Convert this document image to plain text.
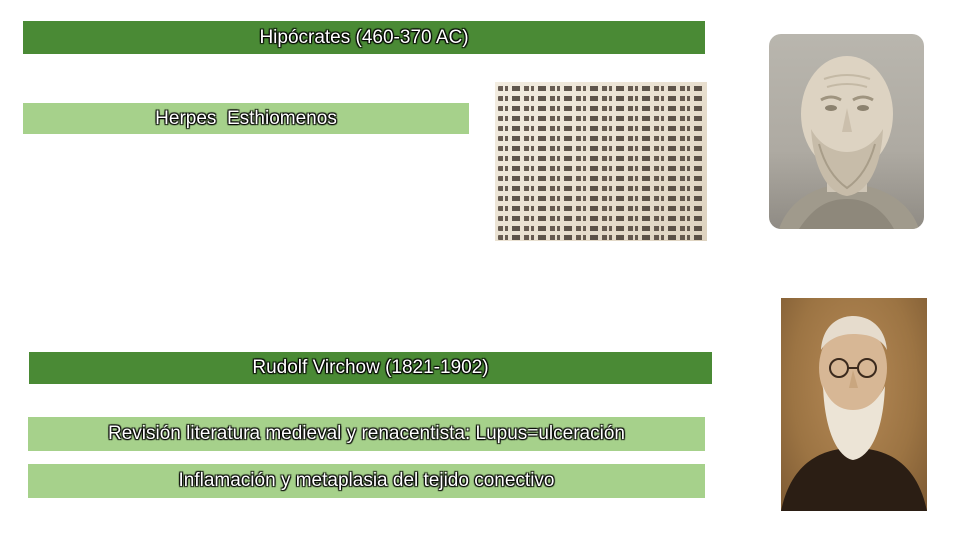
Hipócrates (460-370 AC)
Herpes  Esthiomenos
Rudolf Virchow (1821-1902)
Revisión literatura medieval y renacentista: Lupus=ulceración
Inflamación y metaplasia del tejido conectivo
